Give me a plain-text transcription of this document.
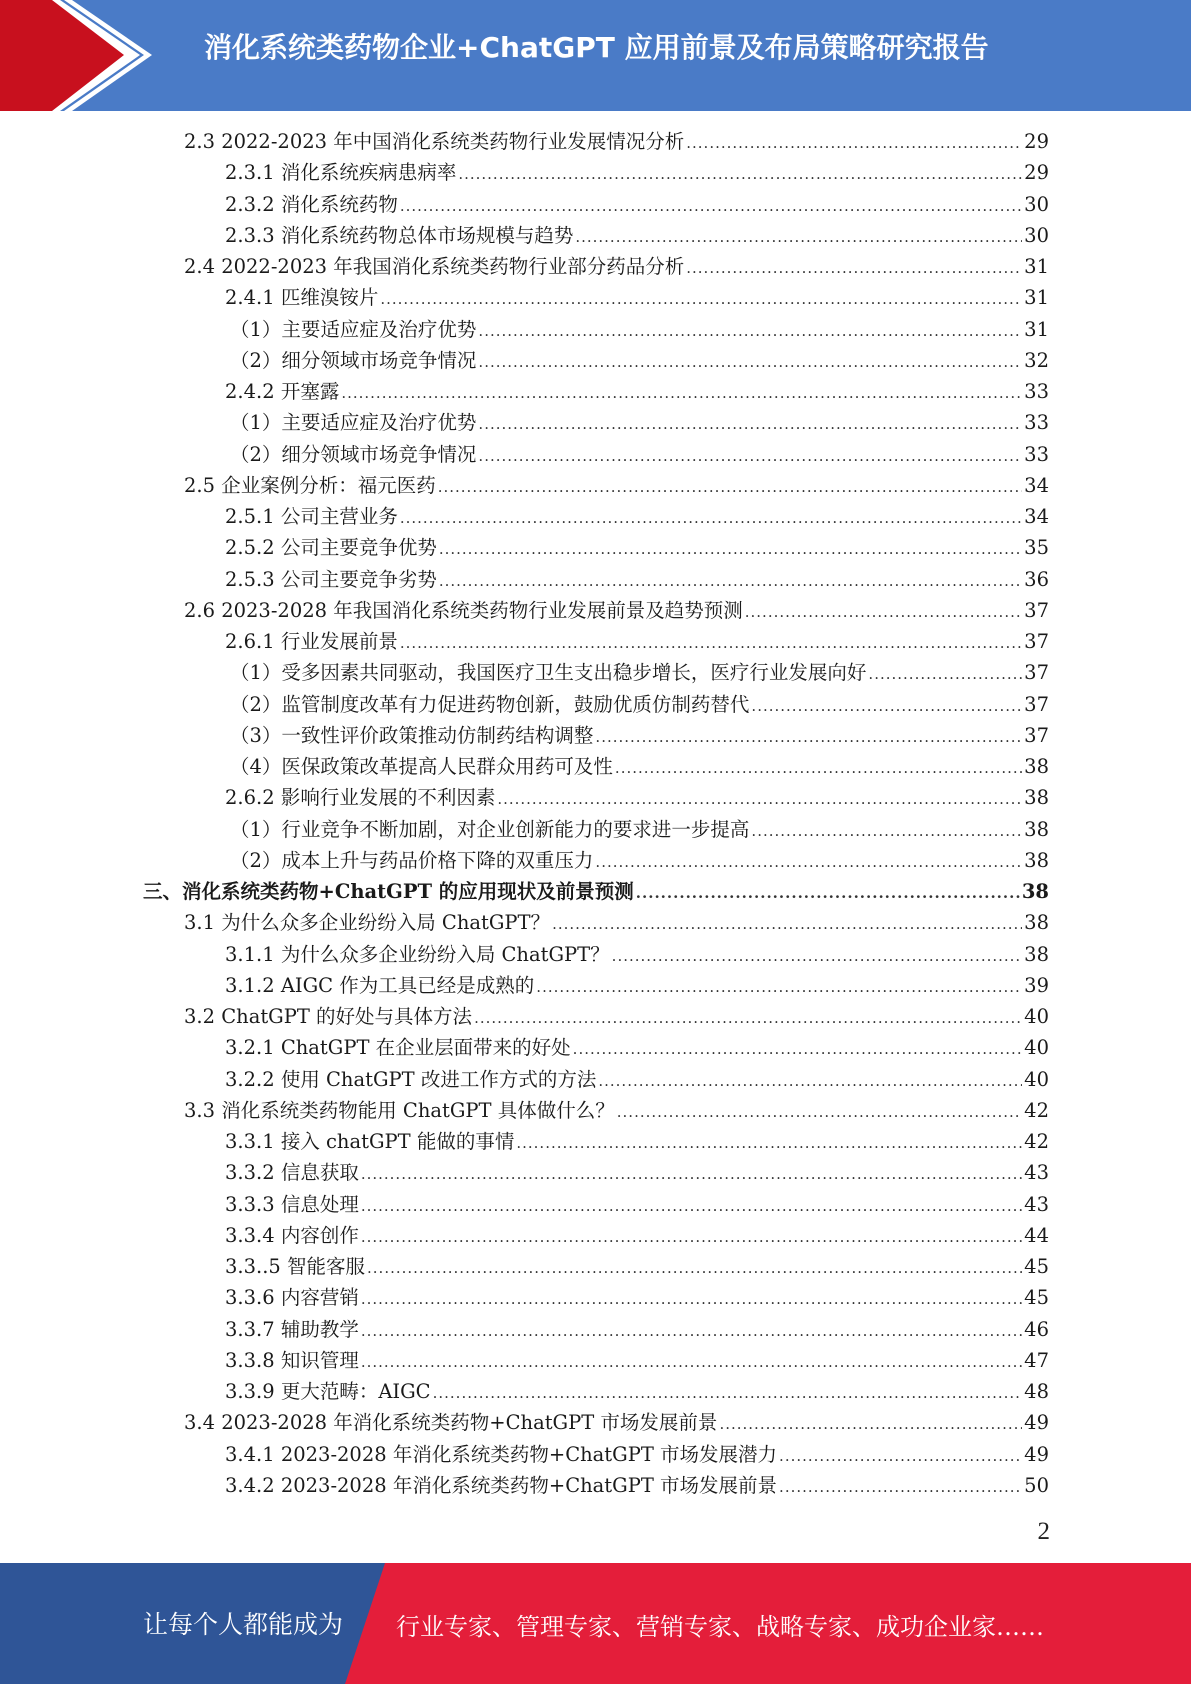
消化系统类药物企业+ChatGPT 应用前景及布局策略研究报告
2.3 2022-2023 年中国消化系统类药物行业发展情况分析 .....	29
2.3.1 消化系统疾病患病率 .....	29
2.3.2 消化系统药物 .....	30
2.3.3 消化系统药物总体市场规模与趋势 .....	30
2.4 2022-2023 年我国消化系统类药物行业部分药品分析 .....	31
2.4.1 匹维溴铵片 .....	31
（1）主要适应症及治疗优势 .....	31
（2）细分领域市场竞争情况 .....	32
2.4.2 开塞露 .....	33
（1）主要适应症及治疗优势 .....	33
（2）细分领域市场竞争情况 .....	33
2.5 企业案例分析：福元医药 .....	34
2.5.1 公司主营业务 .....	34
2.5.2 公司主要竞争优势 .....	35
2.5.3 公司主要竞争劣势 .....	36
2.6 2023-2028 年我国消化系统类药物行业发展前景及趋势预测 .....	37
2.6.1 行业发展前景 .....	37
（1）受多因素共同驱动，我国医疗卫生支出稳步增长，医疗行业发展向好 .....	37
（2）监管制度改革有力促进药物创新，鼓励优质仿制药替代 .....	37
（3）一致性评价政策推动仿制药结构调整 .....	37
（4）医保政策改革提高人民群众用药可及性 .....	38
2.6.2 影响行业发展的不利因素 .....	38
（1）行业竞争不断加剧，对企业创新能力的要求进一步提高 .....	38
（2）成本上升与药品价格下降的双重压力 .....	38
三、消化系统类药物+ChatGPT 的应用现状及前景预测 .....	38
3.1 为什么众多企业纷纷入局 ChatGPT？ .....	38
3.1.1 为什么众多企业纷纷入局 ChatGPT？ .....	38
3.1.2 AIGC 作为工具已经是成熟的 .....	39
3.2 ChatGPT 的好处与具体方法 .....	40
3.2.1 ChatGPT 在企业层面带来的好处 .....	40
3.2.2 使用 ChatGPT 改进工作方式的方法 .....	40
3.3 消化系统类药物能用 ChatGPT 具体做什么？ .....	42
3.3.1 接入 chatGPT 能做的事情 .....	42
3.3.2 信息获取 .....	43
3.3.3 信息处理 .....	43
3.3.4 内容创作 .....	44
3.3..5 智能客服 .....	45
3.3.6 内容营销 .....	45
3.3.7 辅助教学 .....	46
3.3.8 知识管理 .....	47
3.3.9 更大范畴：AIGC .....	48
3.4 2023-2028 年消化系统类药物+ChatGPT 市场发展前景 .....	49
3.4.1 2023-2028 年消化系统类药物+ChatGPT 市场发展潜力 .....	49
3.4.2 2023-2028 年消化系统类药物+ChatGPT 市场发展前景 .....	50
2
让每个人都能成为 行业专家、管理专家、营销专家、战略专家、成功企业家……
